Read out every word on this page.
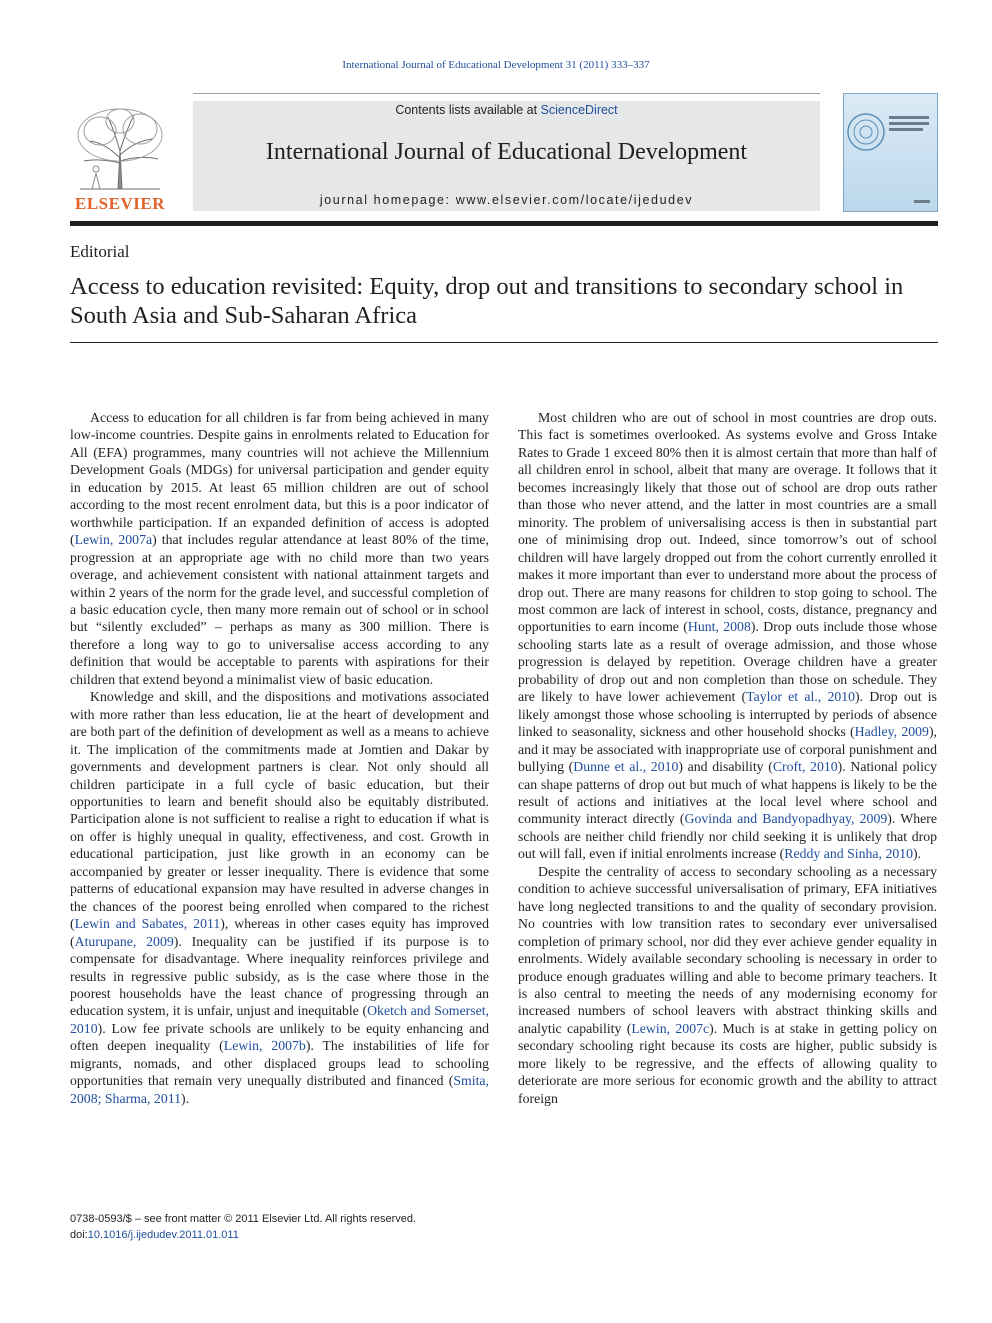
International Journal of Educational Development 31 (2011) 333–337
ELSEVIER
Contents lists available at ScienceDirect
International Journal of Educational Development
journal homepage: www.elsevier.com/locate/ijedudev
Editorial
Access to education revisited: Equity, drop out and transitions to secondary school in South Asia and Sub-Saharan Africa

Access to education for all children is far from being achieved in many low-income countries. Despite gains in enrolments related to Education for All (EFA) programmes, many countries will not achieve the Millennium Development Goals (MDGs) for universal participation and gender equity in education by 2015. At least 65 million children are out of school according to the most recent enrolment data, but this is a poor indicator of worthwhile participation. If an expanded definition of access is adopted (Lewin, 2007a) that includes regular attendance at least 80% of the time, progression at an appropriate age with no child more than two years overage, and achievement consistent with national attainment targets and within 2 years of the norm for the grade level, and successful completion of a basic education cycle, then many more remain out of school or in school but “silently excluded” – perhaps as many as 300 million. There is therefore a long way to go to universalise access according to any definition that would be acceptable to parents with aspirations for their children that extend beyond a minimalist view of basic education.

Knowledge and skill, and the dispositions and motivations associated with more rather than less education, lie at the heart of development and are both part of the definition of development as well as a means to achieve it. The implication of the commitments made at Jomtien and Dakar by governments and development partners is clear. Not only should all children participate in a full cycle of basic education, but their opportunities to learn and benefit should also be equitably distributed. Participation alone is not sufficient to realise a right to education if what is on offer is highly unequal in quality, effectiveness, and cost. Growth in educational participation, just like growth in an economy can be accompanied by greater or lesser inequality. There is evidence that some patterns of educational expansion may have resulted in adverse changes in the chances of the poorest being enrolled when compared to the richest (Lewin and Sabates, 2011), whereas in other cases equity has improved (Aturupane, 2009). Inequality can be justified if its purpose is to compensate for disadvantage. Where inequality reinforces privilege and results in regressive public subsidy, as is the case where those in the poorest households have the least chance of progressing through an education system, it is unfair, unjust and inequitable (Oketch and Somerset, 2010). Low fee private schools are unlikely to be equity enhancing and often deepen inequality (Lewin, 2007b). The instabilities of life for migrants, nomads, and other displaced groups lead to schooling opportunities that remain very unequally distributed and financed (Smita, 2008; Sharma, 2011).

Most children who are out of school in most countries are drop outs. This fact is sometimes overlooked. As systems evolve and Gross Intake Rates to Grade 1 exceed 80% then it is almost certain that more than half of all children enrol in school, albeit that many are overage. It follows that it becomes increasingly likely that those out of school are drop outs rather than those who never attend, and the latter in most countries are a small minority. The problem of universalising access is then in substantial part one of minimising drop out. Indeed, since tomorrow’s out of school children will have largely dropped out from the cohort currently enrolled it makes it more important than ever to understand more about the process of drop out. There are many reasons for children to stop going to school. The most common are lack of interest in school, costs, distance, pregnancy and opportunities to earn income (Hunt, 2008). Drop outs include those whose schooling starts late as a result of overage admission, and those whose progression is delayed by repetition. Overage children have a greater probability of drop out and non completion than those on schedule. They are likely to have lower achievement (Taylor et al., 2010). Drop out is likely amongst those whose schooling is interrupted by periods of absence linked to seasonality, sickness and other household shocks (Hadley, 2009), and it may be associated with inappropriate use of corporal punishment and bullying (Dunne et al., 2010) and disability (Croft, 2010). National policy can shape patterns of drop out but much of what happens is likely to be the result of actions and initiatives at the local level where school and community interact directly (Govinda and Bandyopadhyay, 2009). Where schools are neither child friendly nor child seeking it is unlikely that drop out will fall, even if initial enrolments increase (Reddy and Sinha, 2010).

Despite the centrality of access to secondary schooling as a necessary condition to achieve successful universalisation of primary, EFA initiatives have long neglected transitions to and the quality of secondary provision. No countries with low transition rates to secondary ever universalised completion of primary school, nor did they ever achieve gender equality in enrolments. Widely available secondary schooling is necessary in order to produce enough graduates willing and able to become primary teachers. It is also central to meeting the needs of any modernising economy for increased numbers of school leavers with abstract thinking skills and analytic capability (Lewin, 2007c). Much is at stake in getting policy on secondary schooling right because its costs are higher, public subsidy is more likely to be regressive, and the effects of allowing quality to deteriorate are more serious for economic growth and the ability to attract foreign

0738-0593/$ – see front matter © 2011 Elsevier Ltd. All rights reserved.
doi:10.1016/j.ijedudev.2011.01.011
